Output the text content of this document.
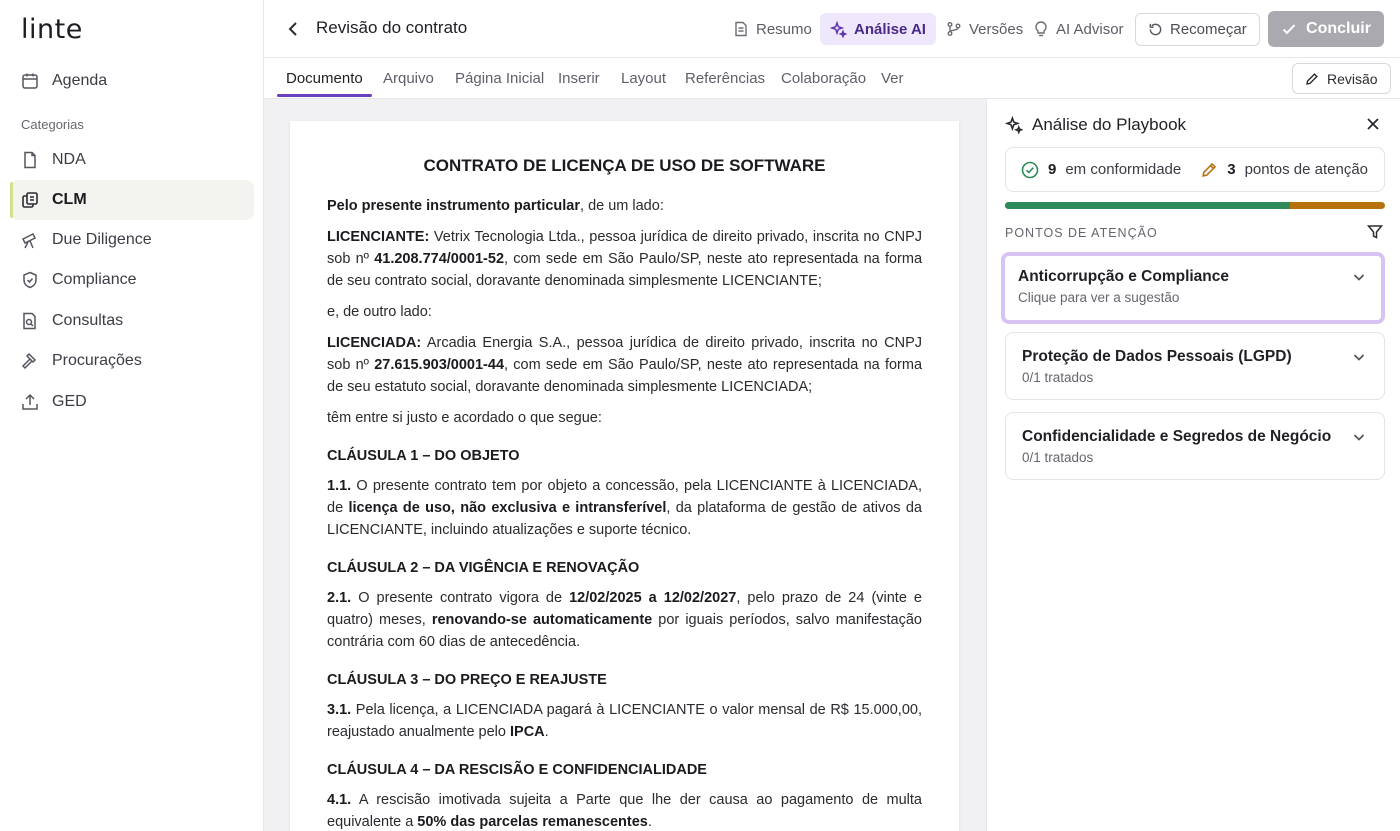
linte
Agenda
Categorias
NDA
CLM
Due Diligence
Compliance
Consultas
Procurações
GED
Revisão do contrato	Resumo	Análise AI	Versões AI Advisor	Recomeçar	Concluir
Documento Arquivo Página Inicial Inserir Layout Referências Colaboração Ver	Revisão
CONTRATO DE LICENÇA DE USO DE SOFTWARE

Pelo presente instrumento particular, de um lado:

LICENCIANTE: Vetrix Tecnologia Ltda., pessoa jurídica de direito privado, inscrita no CNPJ sob nº 41.208.774/0001-52, com sede em São Paulo/SP, neste ato representada na forma de seu contrato social, doravante denominada simplesmente LICENCIANTE;

e, de outro lado:

LICENCIADA: Arcadia Energia S.A., pessoa jurídica de direito privado, inscrita no CNPJ sob nº 27.615.903/0001-44, com sede em São Paulo/SP, neste ato representada na forma de seu estatuto social, doravante denominada simplesmente LICENCIADA;

têm entre si justo e acordado o que segue:

CLÁUSULA 1 – DO OBJETO

1.1. O presente contrato tem por objeto a concessão, pela LICENCIANTE à LICENCIADA, de licença de uso, não exclusiva e intransferível, da plataforma de gestão de ativos da LICENCIANTE, incluindo atualizações e suporte técnico.

CLÁUSULA 2 – DA VIGÊNCIA E RENOVAÇÃO

2.1. O presente contrato vigora de 12/02/2025 a 12/02/2027, pelo prazo de 24 (vinte e quatro) meses, renovando-se automaticamente por iguais períodos, salvo manifestação contrária com 60 dias de antecedência.

CLÁUSULA 3 – DO PREÇO E REAJUSTE

3.1. Pela licença, a LICENCIADA pagará à LICENCIANTE o valor mensal de R$ 15.000,00, reajustado anualmente pelo IPCA.

CLÁUSULA 4 – DA RESCISÃO E CONFIDENCIALIDADE

4.1. A rescisão imotivada sujeita a Parte que lhe der causa ao pagamento de multa equivalente a 50% das parcelas remanescentes.

Análise do Playbook
9 em conformidade	3 pontos de atenção
PONTOS DE ATENÇÃO
Anticorrupção e Compliance
Clique para ver a sugestão
Proteção de Dados Pessoais (LGPD)
0/1 tratados
Confidencialidade e Segredos de Negócio
0/1 tratados
